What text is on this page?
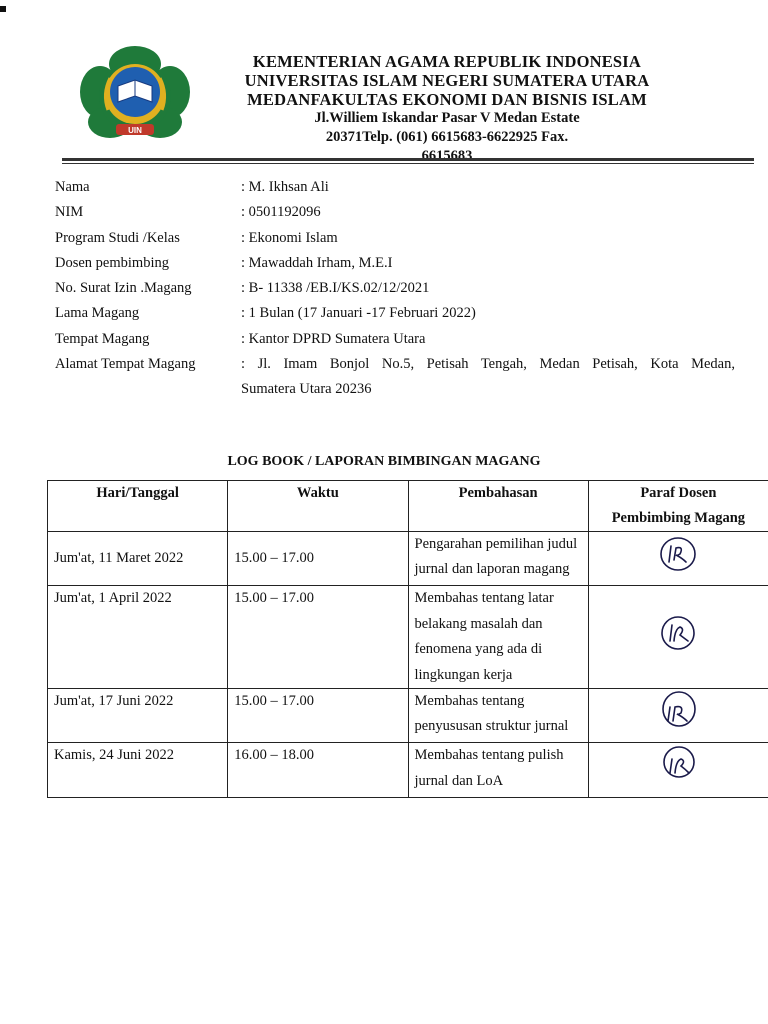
UIN
KEMENTERIAN AGAMA REPUBLIK INDONESIA
UNIVERSITAS ISLAM NEGERI SUMATERA UTARA
MEDANFAKULTAS EKONOMI DAN BISNIS ISLAM
Jl.Williem Iskandar Pasar V Medan Estate
20371Telp. (061) 6615683-6622925 Fax.
6615683
Nama	: M. Ikhsan Ali
NIM	: 0501192096
Program Studi /Kelas	: Ekonomi Islam
Dosen pembimbing	: Mawaddah Irham, M.E.I
No. Surat Izin .Magang	: B- 11338 /EB.I/KS.02/12/2021
Lama Magang	: 1 Bulan (17 Januari -17 Februari 2022)
Tempat Magang	: Kantor DPRD Sumatera Utara
Alamat Tempat Magang	: Jl. Imam Bonjol No.5, Petisah Tengah, Medan Petisah, Kota Medan,
Sumatera Utara 20236
LOG BOOK / LAPORAN BIMBINGAN MAGANG
Hari/Tanggal	Waktu	Pembahasan	Paraf Dosen
Pembimbing Magang

Jum'at, 11 Maret 2022	15.00 – 17.00	Pengarahan pemilihan judul jurnal dan laporan magang	
Jum'at, 1 April 2022	15.00 – 17.00	Membahas tentang latar belakang masalah dan fenomena yang ada di lingkungan kerja	
Jum'at, 17 Juni 2022	15.00 – 17.00	Membahas tentang penyususan struktur jurnal	
Kamis, 24 Juni 2022	16.00 – 18.00	Membahas tentang pulish jurnal dan LoA	
